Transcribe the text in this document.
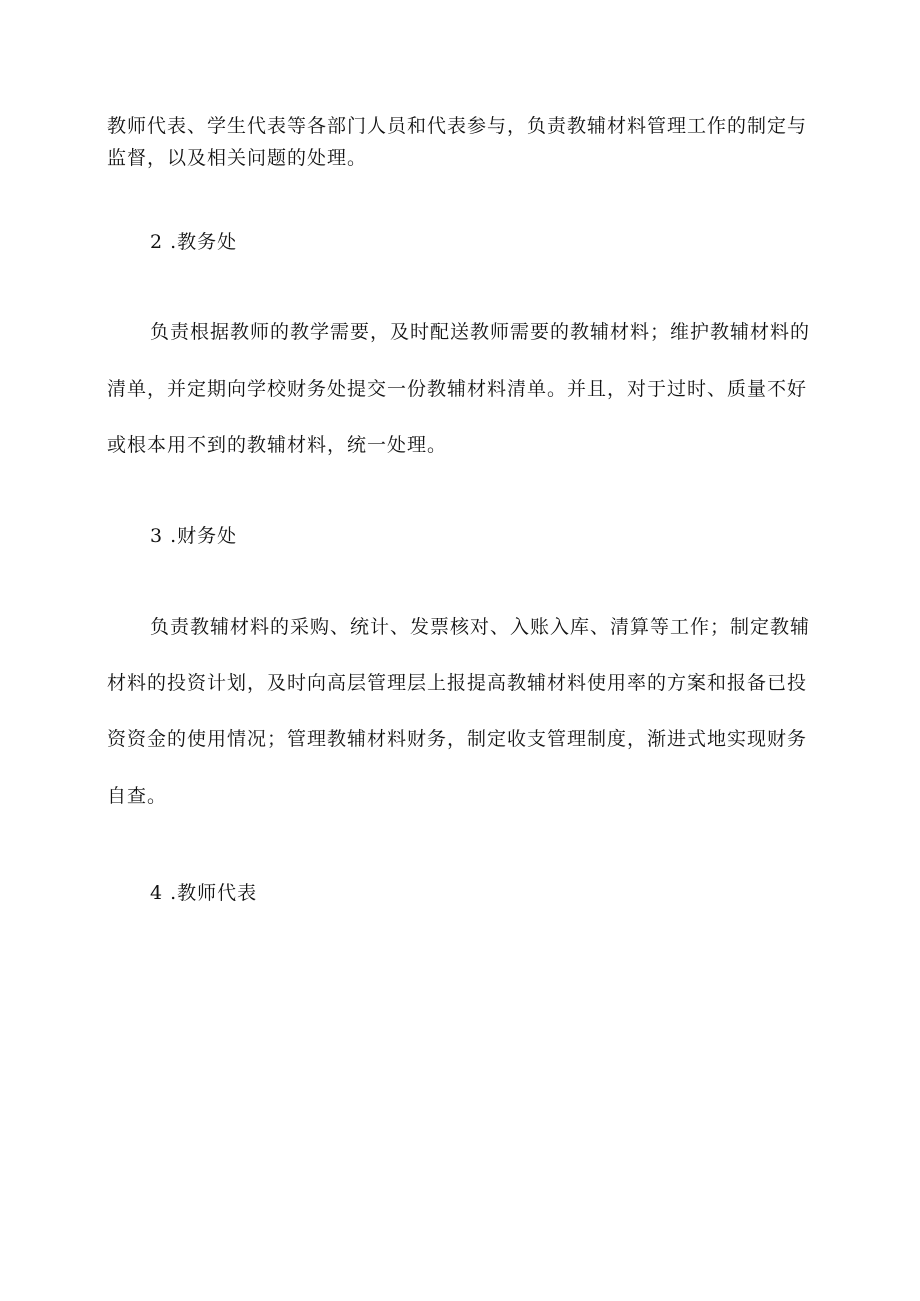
教师代表、学生代表等各部门人员和代表参与，负责教辅材料管理工作的制定与
监督，以及相关问题的处理。
2 .教务处
负责根据教师的教学需要，及时配送教师需要的教辅材料；维护教辅材料的
清单，并定期向学校财务处提交一份教辅材料清单。并且，对于过时、质量不好
或根本用不到的教辅材料，统一处理。
3 .财务处
负责教辅材料的采购、统计、发票核对、入账入库、清算等工作；制定教辅
材料的投资计划，及时向高层管理层上报提高教辅材料使用率的方案和报备已投
资资金的使用情况；管理教辅材料财务，制定收支管理制度，渐进式地实现财务
自查。
4 .教师代表
